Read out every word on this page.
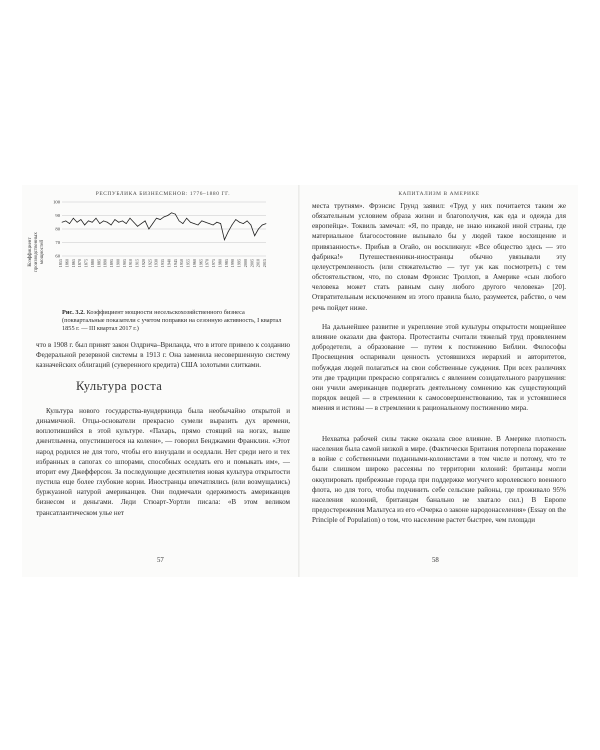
РЕСПУБЛИКА БИЗНЕСМЕНОВ: 1776–1880 ГГ.
Коэффициент производственных мощностей 60
70
80
90
100
1855 1860 1865 1870 1875 1880 1885 1890 1895 1900 1905 1910 1915 1920 1925 1930 1935 1940 1945 1950 1955 1960 1965 1970 1975 1980 1985 1990 1995 2000 2005 2010 2015

Рис. 3.2. Коэффициент мощности несельскохозяйственного бизнеса (покваpтальные показатели с учетом поправки на сезонную активность, I квартал 1855 г. — III квартал 2017 г.)

что в 1908 г. был принят закон Олдрича–Вриланда, что в итоге привело к созданию Федеральной резервной системы в 1913 г. Она заменила несовершенную систему казначейских облигаций (суверенного кредита) США золотыми слитками.

Культура роста

Культура нового государства-вундеркинда была необычайно открытой и динамичной. Отцы-основатели прекрасно сумели выразить дух времени, воплотившийся в этой культуре. «Пахарь, прямо стоящий на ногах, выше джентльмена, опустившегося на колени», — говорил Бенджамин Франклин. «Этот народ родился не для того, чтобы его взнуздали и оседлали. Нет среди него и тех избранных в сапогах со шпорами, способных оседлать его и помыкать им», — вторит ему Джефферсон. За последующие десятилетия новая культура открытости пустила еще более глубокие корни. Иностранцы впечатлялись (или возмущались) буржуазной натурой американцев. Они подмечали одержимость американцев бизнесом и деньгами. Леди Стюарт-Уортли писала: «В этом великом трансатлантическом улье нет

57
КАПИТАЛИЗМ В АМЕРИКЕ

места трутням». Фрэнсис Грунд заявил: «Труд у них почитается таким же обязательным условием образа жизни и благополучия, как еда и одежда для европейца». Токвиль замечал: «Я, по правде, не знаю никакой иной страны, где материальное благосостояние вызывало бы у людей такое восхищение и привязанность». Прибыв в Огайо, он воскликнул: «Все общество здесь — это фабрика!» Путешественники-иностранцы обычно увязывали эту целеустремленность (или стяжательство — тут уж как посмотреть) с тем обстоятельством, что, по словам Фрэнсис Троллоп, в Америке «сын любого человека может стать равным сыну любого другого человека» [20]. Отвратительным исключением из этого правила было, разумеется, рабство, о чем речь пойдет ниже.

На дальнейшее развитие и укрепление этой культуры открытости мощнейшее влияние оказали два фактора. Протестанты считали тяжелый труд проявлением добродетели, а образование — путем к постижению Библии. Философы Просвещения оспаривали ценность устоявшихся иерархий и авторитетов, побуждая людей полагаться на свои собственные суждения. При всех различиях эти две традиции прекрасно сопрягались с явлением созидательного разрушения: они учили американцев подвергать деятельному сомнению как существующий порядок вещей — в стремлении к самосовершенствованию, так и устоявшиеся мнения и истины — в стремлении к рациональному постижению мира.

Нехватка рабочей силы также оказала свое влияние. В Америке плотность населения была самой низкой в мире. (Фактически Британия потерпела поражение в войне с собственными поданными-колонистами в том числе и потому, что те были слишком широко рассеяны по территории колоний: британцы могли оккупировать прибрежные города при поддержке могучего королевского военного флота, но для того, чтобы подчинить себе сельские районы, где проживало 95% населения колоний, британцам банально не хватало сил.) В Европе предостережения Мальтуса из его «Очерка о законе народонаселения» (Essay on the Principle of Population) о том, что население растет быстрее, чем площади

58
